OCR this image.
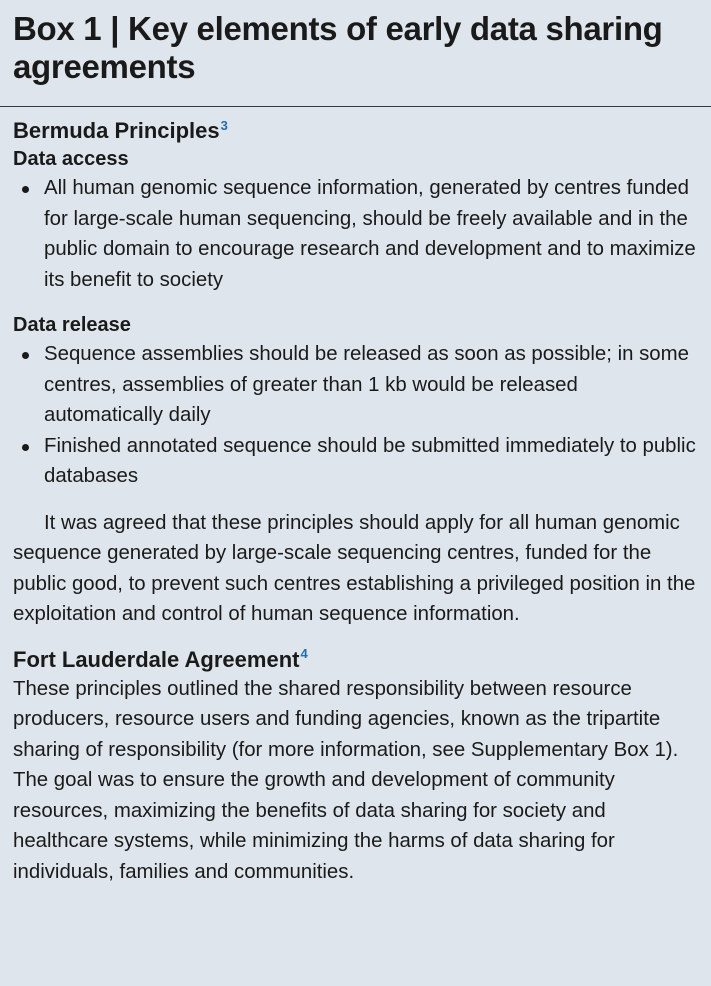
Box 1 | Key elements of early data sharing agreements
Bermuda Principles$^3$
Data access
All human genomic sequence information, generated by centres funded for large-scale human sequencing, should be freely available and in the public domain to encourage research and development and to maximize its benefit to society
Data release
Sequence assemblies should be released as soon as possible; in some centres, assemblies of greater than 1 kb would be released automatically daily
Finished annotated sequence should be submitted immediately to public databases

It was agreed that these principles should apply for all human genomic sequence generated by large-scale sequencing centres, funded for the public good, to prevent such centres establishing a privileged position in the exploitation and control of human sequence information.

Fort Lauderdale Agreement$^4$

These principles outlined the shared responsibility between resource producers, resource users and funding agencies, known as the tripartite sharing of responsibility (for more information, see Supplementary Box 1). The goal was to ensure the growth and development of community resources, maximizing the benefits of data sharing for society and healthcare systems, while minimizing the harms of data sharing for individuals, families and communities.
